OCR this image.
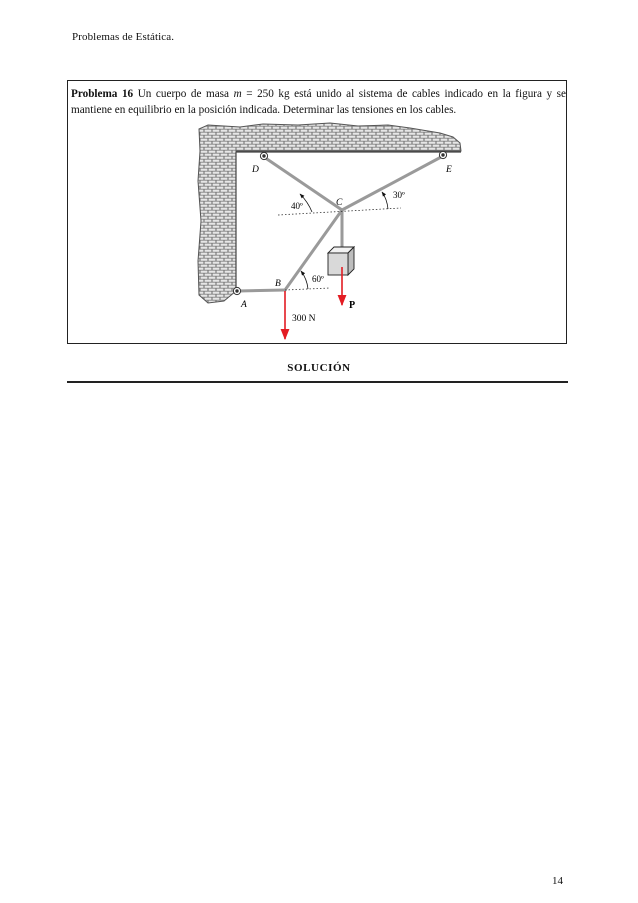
Problemas de Estática.
Problema 16 Un cuerpo de masa m = 250 kg está unido al sistema de cables indicado en la figura y se mantiene en equilibrio en la posición indicada. Determinar las tensiones en los cables.
D	E
C
B
A
40º
30º
60º
300 N
P
SOLUCIÓN
14
